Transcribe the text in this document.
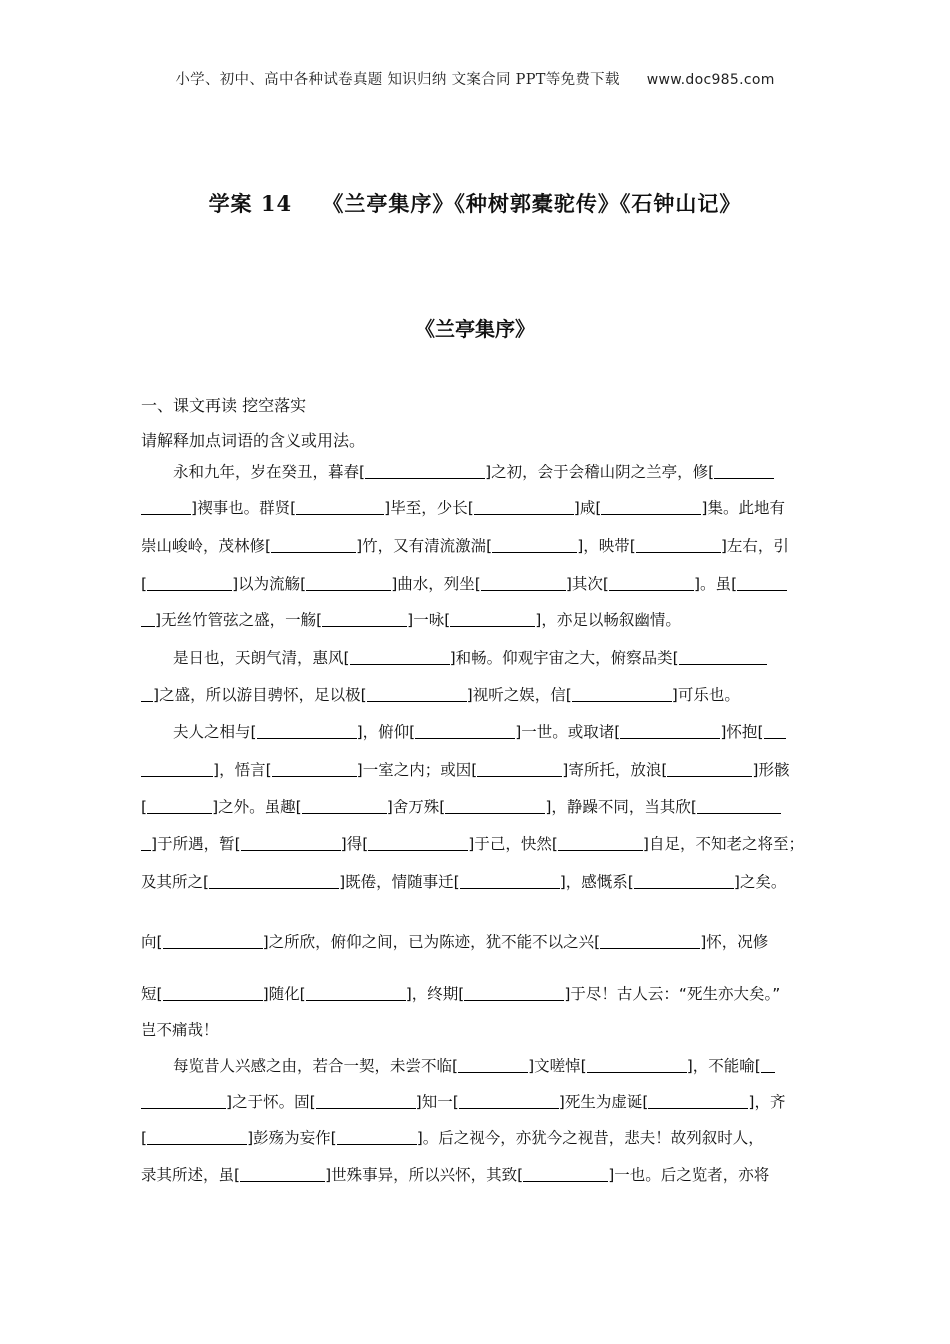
小学、初中、高中各种试卷真题 知识归纳 文案合同 PPT等免费下载 www.doc985.com
学案 14 《兰亭集序》《种树郭橐驼传》《石钟山记》
《兰亭集序》
一、课文再读 挖空落实
请解释加点词语的含义或用法。
永和九年，岁在癸丑，暮春[	]之初，会于会稽山阴之兰亭，修[
]禊事也。群贤[	]毕至，少长[	]咸[	]集。此地有
崇山峻岭，茂林修[	]竹，又有清流激湍[	]，映带[	]左右，引
[	]以为流觞[	]曲水，列坐[	]其次[	]。虽[
]无丝竹管弦之盛，一觞[	]一咏[	]，亦足以畅叙幽情。
是日也，天朗气清，惠风[	]和畅。仰观宇宙之大，俯察品类[
]之盛，所以游目骋怀，足以极[	]视听之娱，信[	]可乐也。
夫人之相与[	]，俯仰[	]一世。或取诸[	]怀抱[
]，悟言[	]一室之内；或因[	]寄所托，放浪[	]形骸
[	]之外。虽趣[	]舍万殊[	]，静躁不同，当其欣[
]于所遇，暂[	]得[	]于己，快然[	]自足，不知老之将至；
及其所之[	]既倦，情随事迁[	]，感慨系[	]之矣。
向[	]之所欣，俯仰之间，已为陈迹，犹不能不以之兴[	]怀，况修
短[	]随化[	]，终期[	]于尽！古人云：“死生亦大矣。”
岂不痛哉！
每览昔人兴感之由，若合一契，未尝不临[	]文嗟悼[	]，不能喻[
]之于怀。固[	]知一[	]死生为虚诞[	]，齐
[	]彭殇为妄作[	]。后之视今，亦犹今之视昔，悲夫！故列叙时人，
录其所述，虽[	]世殊事异，所以兴怀，其致[	]一也。后之览者，亦将
